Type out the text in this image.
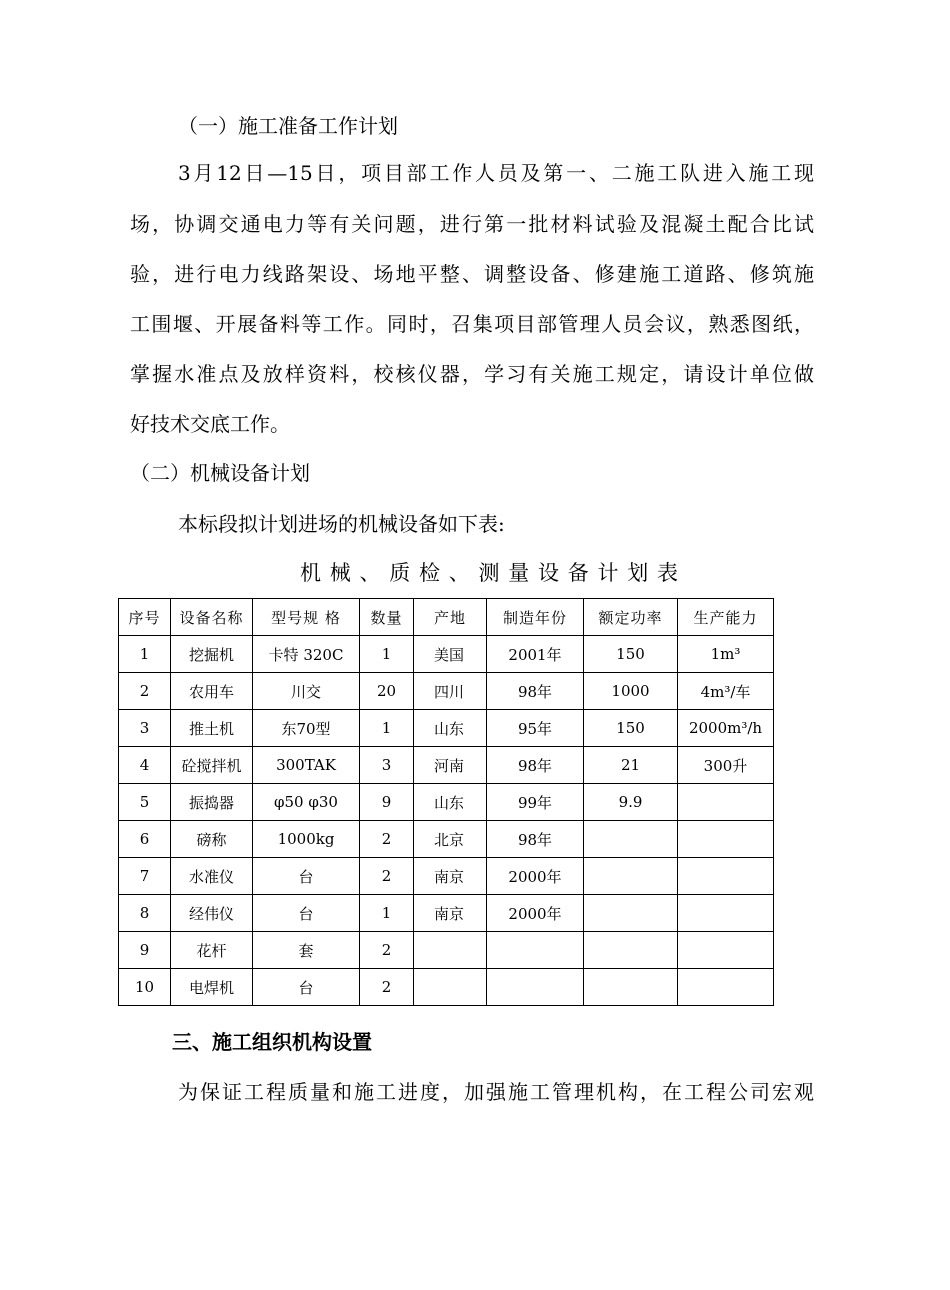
（一）施工准备工作计划
3月12日—15日，项目部工作人员及第一、二施工队进入施工现
场，协调交通电力等有关问题，进行第一批材料试验及混凝土配合比试
验，进行电力线路架设、场地平整、调整设备、修建施工道路、修筑施
工围堰、开展备料等工作。同时，召集项目部管理人员会议，熟悉图纸，
掌握水准点及放样资料，校核仪器，学习有关施工规定，请设计单位做
好技术交底工作。
（二）机械设备计划
本标段拟计划进场的机械设备如下表:
机械、质检、测量设备计划表
序号	设备名称	型号规 格	数量	产地	制造年份	额定功率	生产能力
1	挖掘机	卡特 320C	1	美国	2001年	150	1m³
2	农用车	川交	20	四川	98年	1000	4m³/车
3	推土机	东70型	1	山东	95年	150	2000m³/h
4	砼搅拌机	300TAK	3	河南	98年	21	300升
5	振捣器	φ50 φ30	9	山东	99年	9.9	
6	磅称	1000kg	2	北京	98年		
7	水准仪	台	2	南京	2000年		
8	经伟仪	台	1	南京	2000年		
9	花杆	套	2				
10	电焊机	台	2				
三、施工组织机构设置
为保证工程质量和施工进度，加强施工管理机构，在工程公司宏观
